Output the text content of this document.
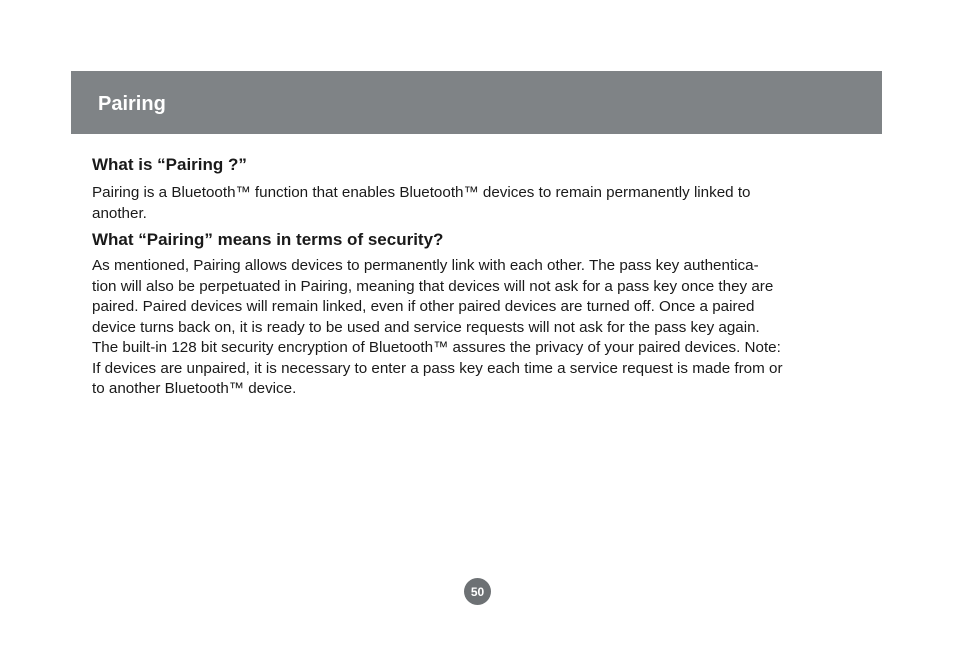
Pairing
What is “Pairing ?”

Pairing is a Bluetooth™ function that enables Bluetooth™ devices to remain permanently linked to
another.

What “Pairing” means in terms of security?

As mentioned, Pairing allows devices to permanently link with each other. The pass key authentica-
tion will also be perpetuated in Pairing, meaning that devices will not ask for a pass key once they are
paired. Paired devices will remain linked, even if other paired devices are turned off. Once a paired
device turns back on, it is ready to be used and service requests will not ask for the pass key again.
The built-in 128 bit security encryption of Bluetooth™ assures the privacy of your paired devices. Note:
If devices are unpaired, it is necessary to enter a pass key each time a service request is made from or
to another Bluetooth™ device.

50
